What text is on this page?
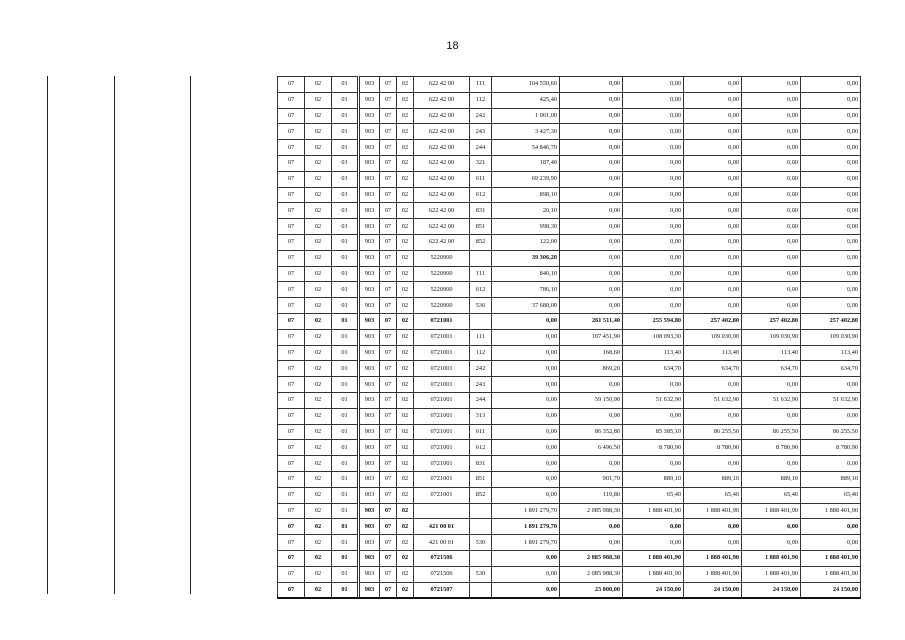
18
07	02	01		903	07	02	622 42 00	111	104 550,60	0,00	0,00	0,00	0,00	0,00
07	02	01		903	07	02	622 42 00	112	425,40	0,00	0,00	0,00	0,00	0,00
07	02	01		903	07	02	622 42 00	242	1 001,00	0,00	0,00	0,00	0,00	0,00
07	02	01		903	07	02	622 42 00	243	3 427,30	0,00	0,00	0,00	0,00	0,00
07	02	01		903	07	02	622 42 00	244	54 846,70	0,00	0,00	0,00	0,00	0,00
07	02	01		903	07	02	622 42 00	321	187,40	0,00	0,00	0,00	0,00	0,00
07	02	01		903	07	02	622 42 00	611	69 239,90	0,00	0,00	0,00	0,00	0,00
07	02	01		903	07	02	622 42 00	612	898,10	0,00	0,00	0,00	0,00	0,00
07	02	01		903	07	02	622 42 00	831	20,10	0,00	0,00	0,00	0,00	0,00
07	02	01		903	07	02	622 42 00	851	998,30	0,00	0,00	0,00	0,00	0,00
07	02	01		903	07	02	622 42 00	852	122,00	0,00	0,00	0,00	0,00	0,00
07	02	01		903	07	02	5220900		39 306,20	0,00	0,00	0,00	0,00	0,00
07	02	01		903	07	02	5220900	111	840,10	0,00	0,00	0,00	0,00	0,00
07	02	01		903	07	02	5220900	612	786,10	0,00	0,00	0,00	0,00	0,00
07	02	01		903	07	02	5220900	536	37 680,00	0,00	0,00	0,00	0,00	0,00
07	02	01		903	07	02	0721001		0,00	261 511,40	255 594,80	257 402,80	257 402,80	257 402,80
07	02	01		903	07	02	0721001	111	0,00	107 451,90	108 093,30	109 030,90	109 030,90	109 030,90
07	02	01		903	07	02	0721001	112	0,00	168,60	113,40	113,40	113,40	113,40
07	02	01		903	07	02	0721001	242	0,00	869,20	634,70	634,70	634,70	634,70
07	02	01		903	07	02	0721001	243	0,00	0,00	0,00	0,00	0,00	0,00
07	02	01		903	07	02	0721001	244	0,00	59 150,90	51 632,90	51 632,90	51 632,90	51 632,90
07	02	01		903	07	02	0721001	313	0,00	0,00	0,00	0,00	0,00	0,00
07	02	01		903	07	02	0721001	611	0,00	86 352,80	85 385,10	86 255,50	86 255,50	86 255,50
07	02	01		903	07	02	0721001	612	0,00	6 496,50	8 780,90	8 780,90	8 780,90	8 780,90
07	02	01		903	07	02	0721001	831	0,00	0,00	0,00	0,00	0,00	0,00
07	02	01		903	07	02	0721001	851	0,00	901,70	889,10	889,10	889,10	889,10
07	02	01		903	07	02	0721001	852	0,00	119,80	65,40	65,40	65,40	65,40
07	02	01		903	07	02			1 891 279,70	2 085 988,30	1 888 401,90	1 888 401,90	1 888 401,90	1 888 401,90
07	02	01		903	07	02	421 00 01		1 891 279,70	0,00	0,00	0,00	0,00	0,00
07	02	01		903	07	02	421 00 01	530	1 891 279,70	0,00	0,00	0,00	0,00	0,00
07	02	01		903	07	02	0721506		0,00	2 085 988,30	1 888 401,90	1 888 401,90	1 888 401,90	1 888 401,90
07	02	01		903	07	02	0721506	530	0,00	2 085 988,30	1 888 401,90	1 888 401,90	1 888 401,90	1 888 401,90
07	02	01		903	07	02	0721507		0,00	23 000,00	24 150,00	24 150,00	24 150,00	24 150,00
